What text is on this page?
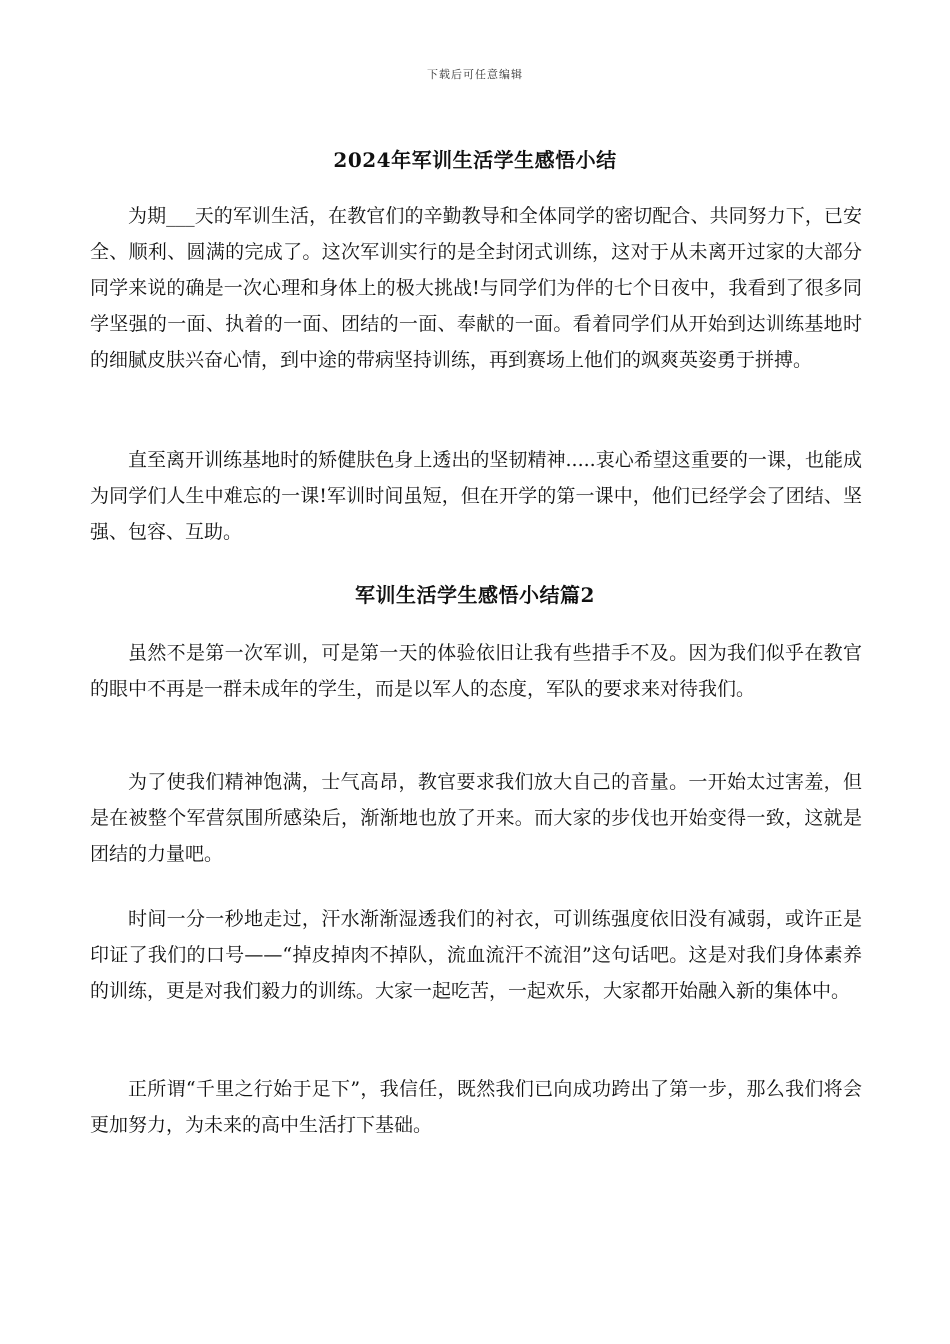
下载后可任意编辑
2024年军训生活学生感悟小结

为期___天的军训生活，在教官们的辛勤教导和全体同学的密切配合、共同努力下，已安全、顺利、圆满的完成了。这次军训实行的是全封闭式训练，这对于从未离开过家的大部分同学来说的确是一次心理和身体上的极大挑战!与同学们为伴的七个日夜中，我看到了很多同学坚强的一面、执着的一面、团结的一面、奉献的一面。看着同学们从开始到达训练基地时的细腻皮肤兴奋心情，到中途的带病坚持训练，再到赛场上他们的飒爽英姿勇于拼搏。

直至离开训练基地时的矫健肤色身上透出的坚韧精神.....衷心希望这重要的一课，也能成为同学们人生中难忘的一课!军训时间虽短，但在开学的第一课中，他们已经学会了团结、坚强、包容、互助。

军训生活学生感悟小结篇2

虽然不是第一次军训，可是第一天的体验依旧让我有些措手不及。因为我们似乎在教官的眼中不再是一群未成年的学生，而是以军人的态度，军队的要求来对待我们。

为了使我们精神饱满，士气高昂，教官要求我们放大自己的音量。一开始太过害羞，但是在被整个军营氛围所感染后，渐渐地也放了开来。而大家的步伐也开始变得一致，这就是团结的力量吧。

时间一分一秒地走过，汗水渐渐湿透我们的衬衣，可训练强度依旧没有减弱，或许正是印证了我们的口号——“掉皮掉肉不掉队，流血流汗不流泪”这句话吧。这是对我们身体素养的训练，更是对我们毅力的训练。大家一起吃苦，一起欢乐，大家都开始融入新的集体中。

正所谓“千里之行始于足下”，我信任，既然我们已向成功跨出了第一步，那么我们将会更加努力，为未来的高中生活打下基础。
